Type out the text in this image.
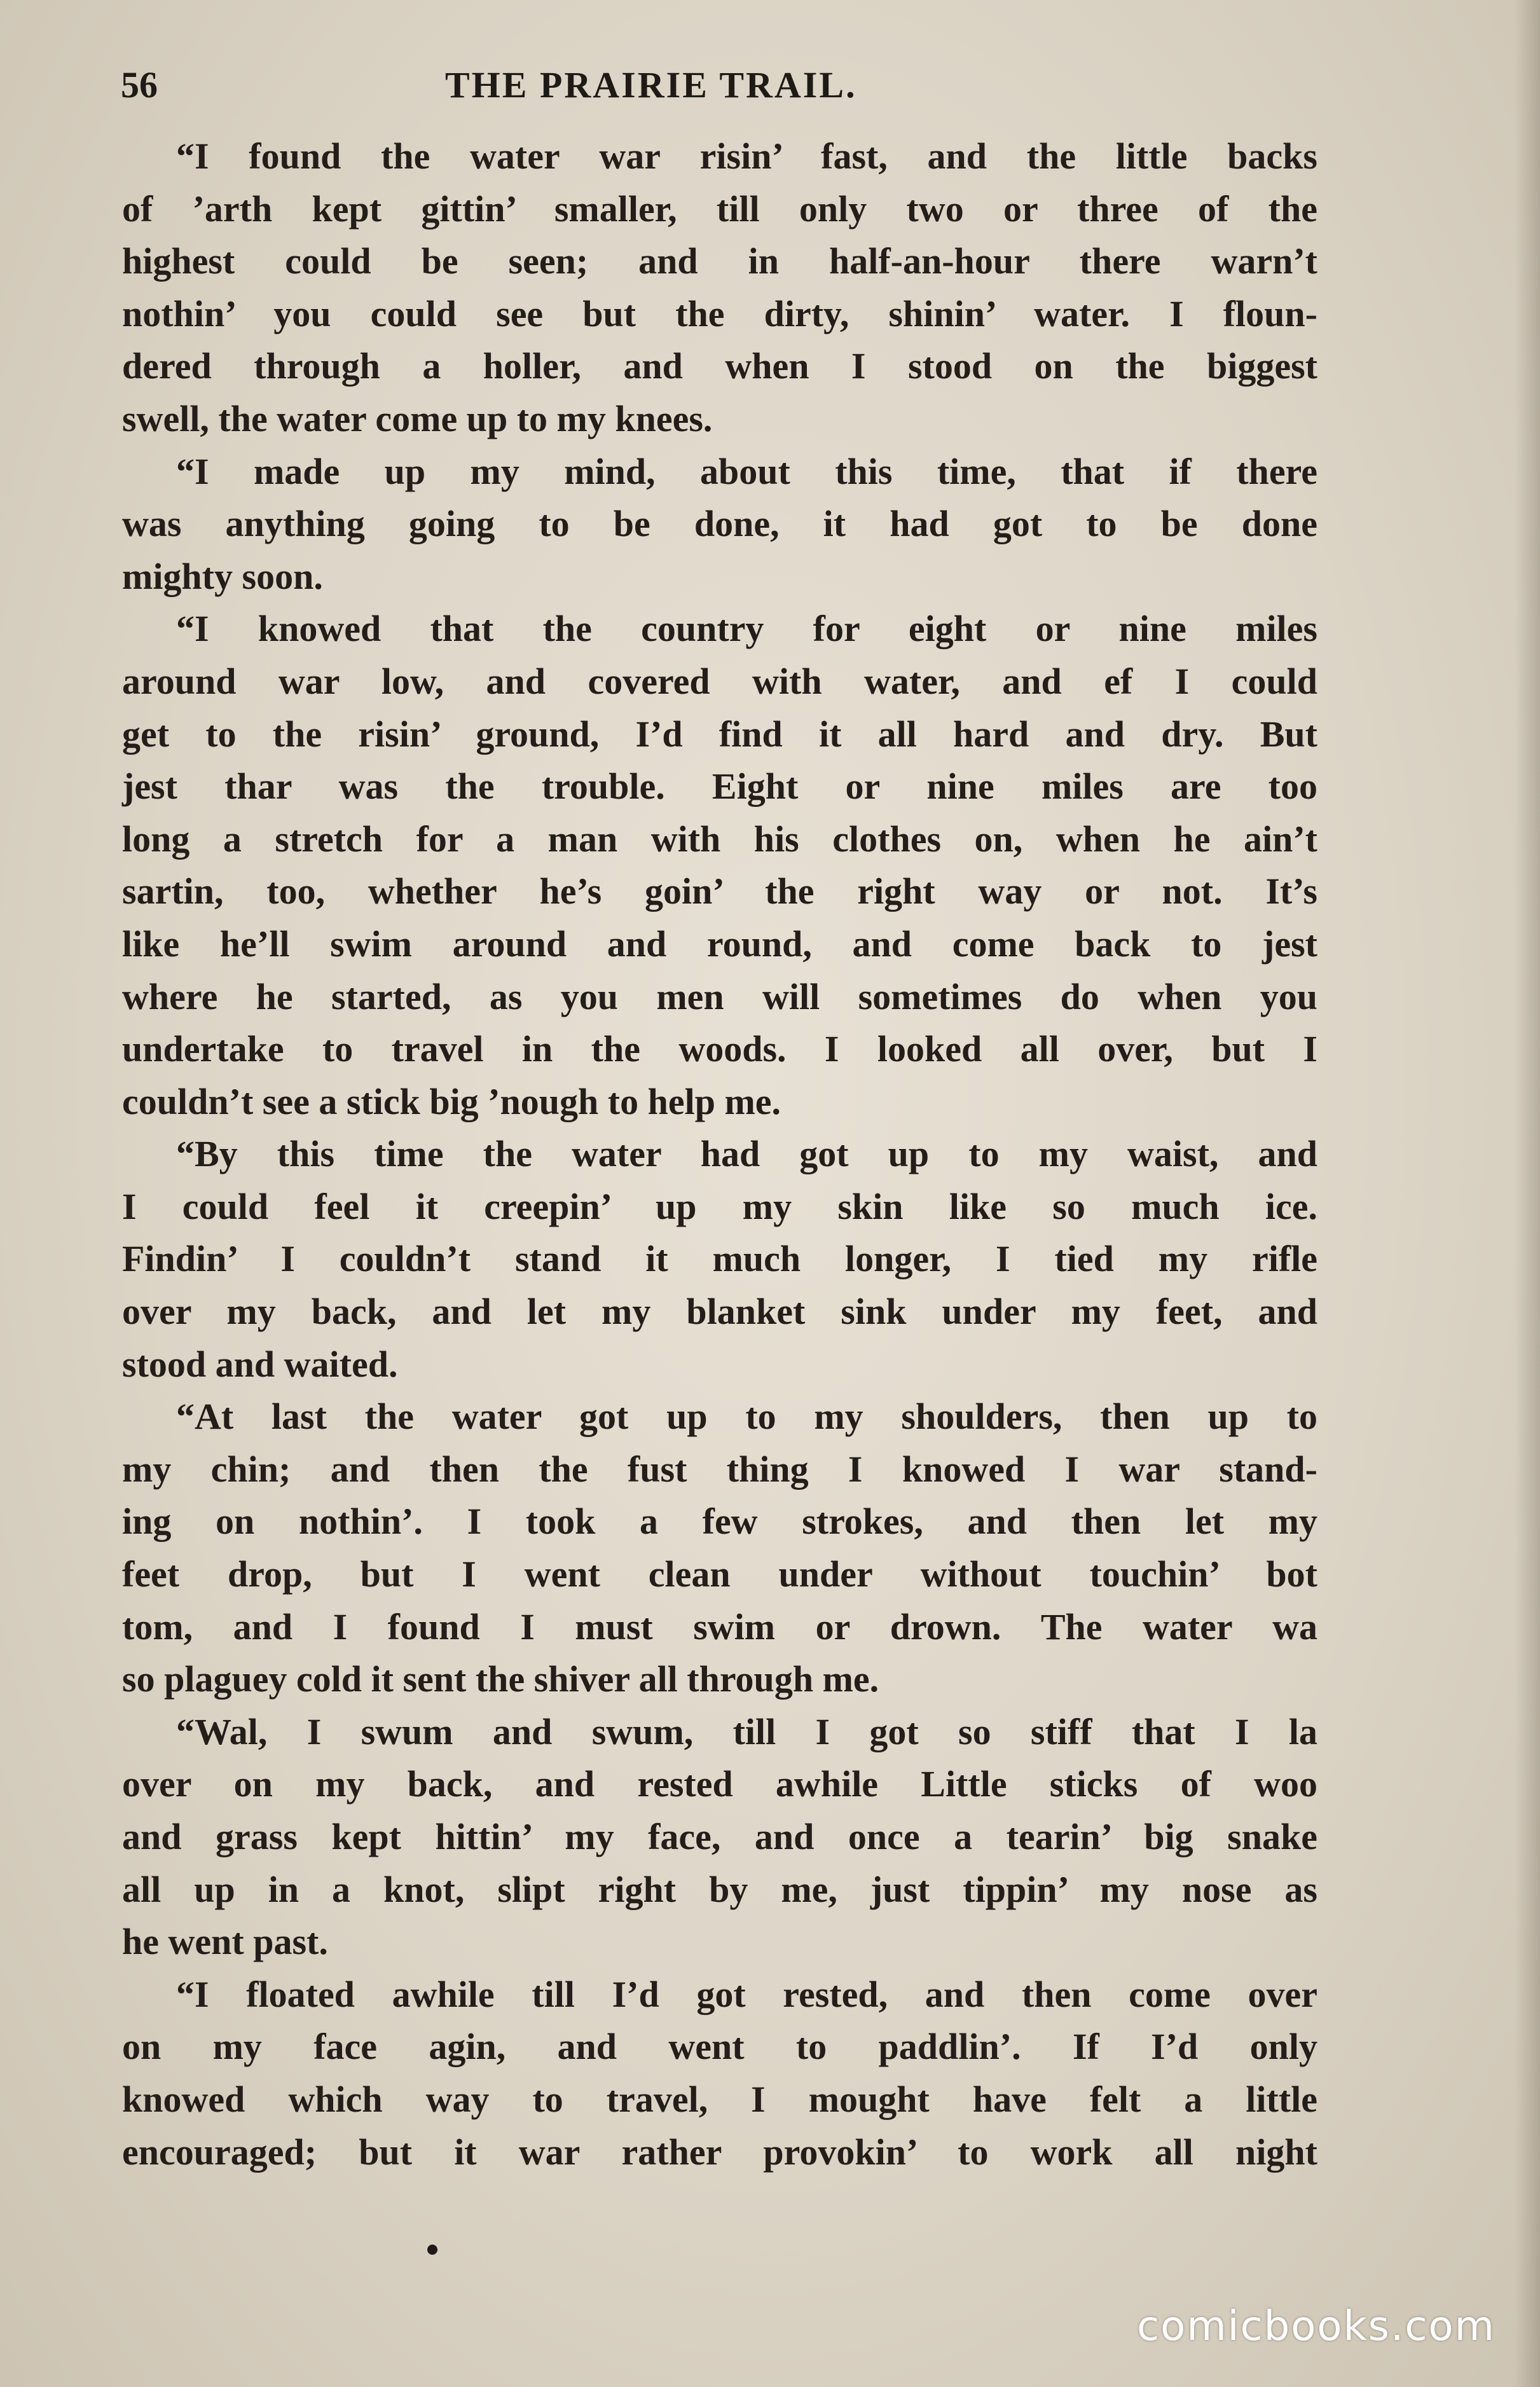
56	THE PRAIRIE TRAIL.
“I found the water war risin’ fast, and the little backs
of ’arth kept gittin’ smaller, till only two or three of the
highest could be seen; and in half-an-hour there warn’t
nothin’ you could see but the dirty, shinin’ water. I floun-
dered through a holler, and when I stood on the biggest
swell, the water come up to my knees.
“I made up my mind, about this time, that if there
was anything going to be done, it had got to be done
mighty soon.
“I knowed that the country for eight or nine miles
around war low, and covered with water, and ef I could
get to the risin’ ground, I’d find it all hard and dry. But
jest thar was the trouble. Eight or nine miles are too
long a stretch for a man with his clothes on, when he ain’t
sartin, too, whether he’s goin’ the right way or not. It’s
like he’ll swim around and round, and come back to jest
where he started, as you men will sometimes do when you
undertake to travel in the woods. I looked all over, but I
couldn’t see a stick big ’nough to help me.
“By this time the water had got up to my waist, and
I could feel it creepin’ up my skin like so much ice.
Findin’ I couldn’t stand it much longer, I tied my rifle
over my back, and let my blanket sink under my feet, and
stood and waited.
“At last the water got up to my shoulders, then up to
my chin; and then the fust thing I knowed I war stand-
ing on nothin’. I took a few strokes, and then let my
feet drop, but I went clean under without touchin’ bot
tom, and I found I must swim or drown. The water wa
so plaguey cold it sent the shiver all through me.
“Wal, I swum and swum, till I got so stiff that I la
over on my back, and rested awhile Little sticks of woo
and grass kept hittin’ my face, and once a tearin’ big snake
all up in a knot, slipt right by me, just tippin’ my nose as
he went past.
“I floated awhile till I’d got rested, and then come over
on my face agin, and went to paddlin’. If I’d only
knowed which way to travel, I mought have felt a little
encouraged; but it war rather provokin’ to work all night
comicbooks.com
